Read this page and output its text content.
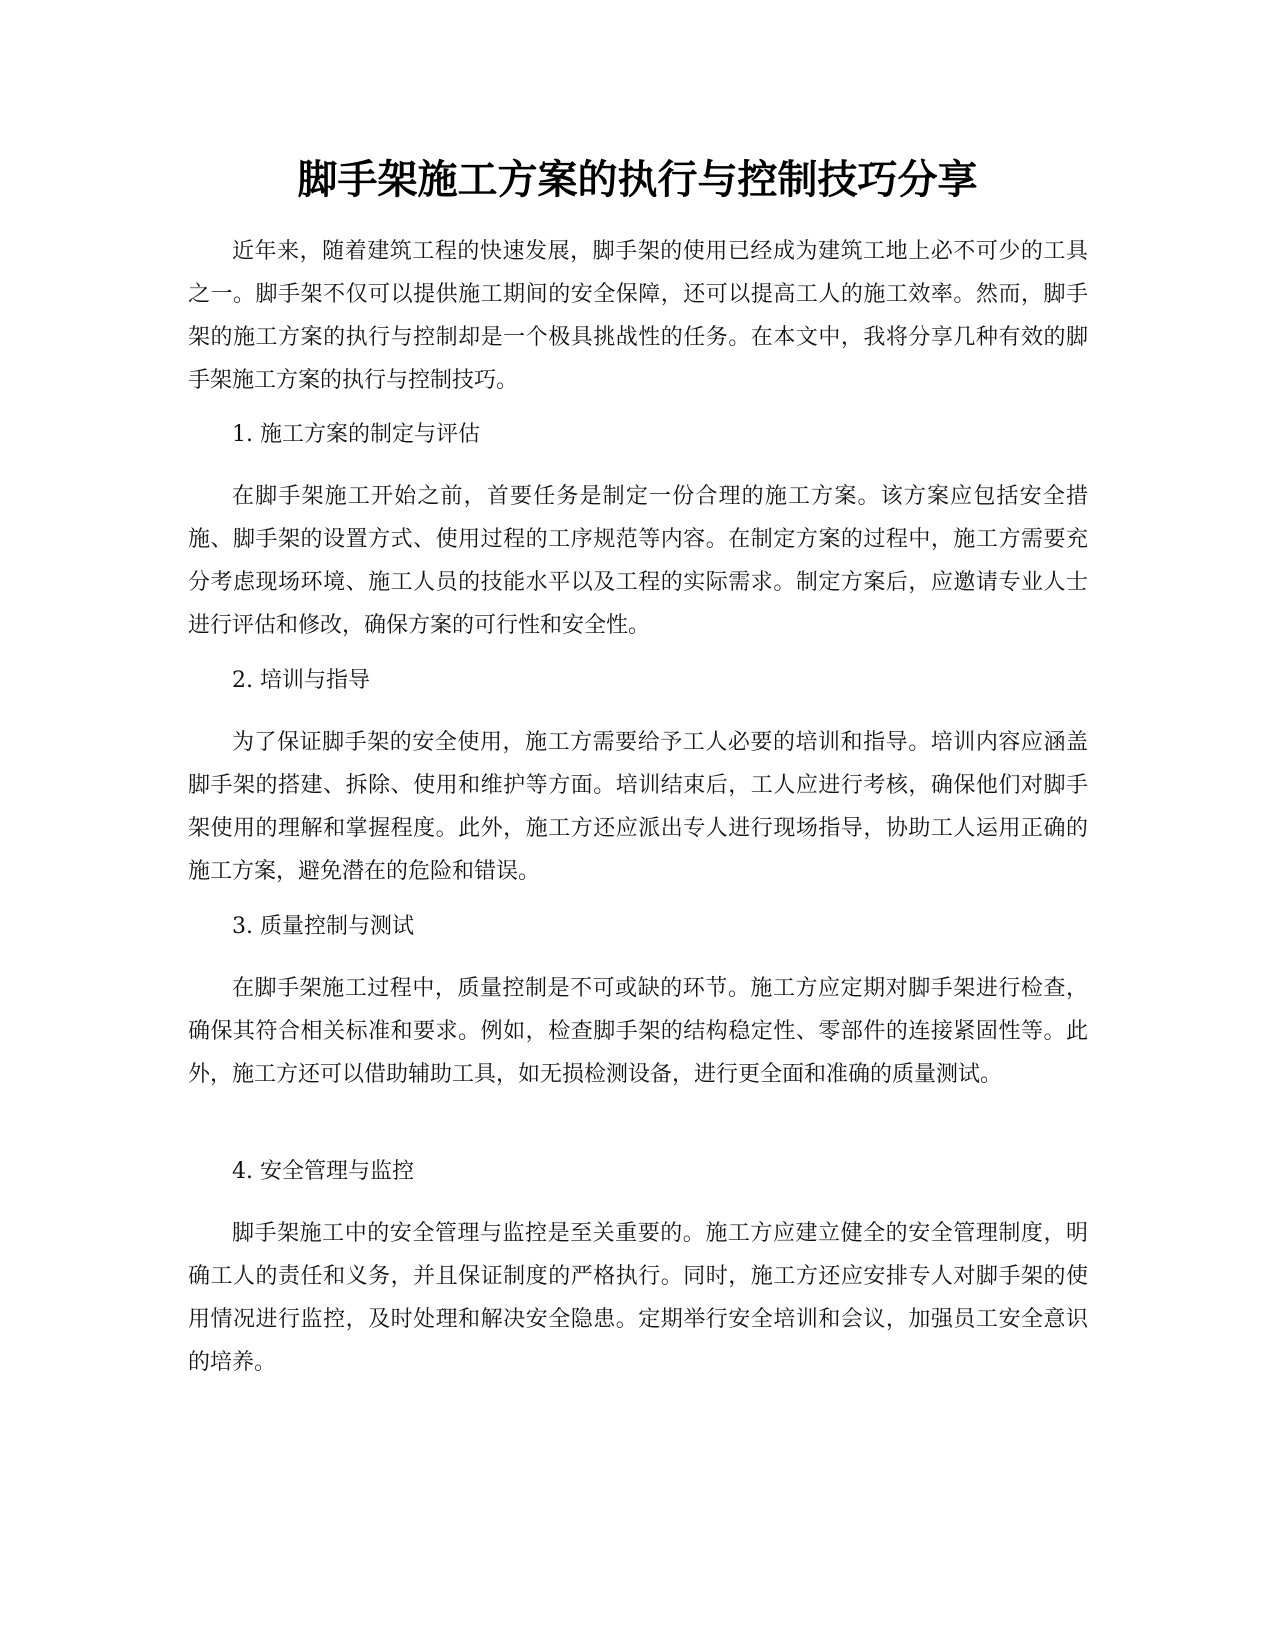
脚手架施工方案的执行与控制技巧分享

近年来，随着建筑工程的快速发展，脚手架的使用已经成为建筑工地上必不可少的工具之一。脚手架不仅可以提供施工期间的安全保障，还可以提高工人的施工效率。然而，脚手架的施工方案的执行与控制却是一个极具挑战性的任务。在本文中，我将分享几种有效的脚手架施工方案的执行与控制技巧。

1. 施工方案的制定与评估

在脚手架施工开始之前，首要任务是制定一份合理的施工方案。该方案应包括安全措施、脚手架的设置方式、使用过程的工序规范等内容。在制定方案的过程中，施工方需要充分考虑现场环境、施工人员的技能水平以及工程的实际需求。制定方案后，应邀请专业人士进行评估和修改，确保方案的可行性和安全性。

2. 培训与指导

为了保证脚手架的安全使用，施工方需要给予工人必要的培训和指导。培训内容应涵盖脚手架的搭建、拆除、使用和维护等方面。培训结束后，工人应进行考核，确保他们对脚手架使用的理解和掌握程度。此外，施工方还应派出专人进行现场指导，协助工人运用正确的施工方案，避免潜在的危险和错误。

3. 质量控制与测试

在脚手架施工过程中，质量控制是不可或缺的环节。施工方应定期对脚手架进行检查，确保其符合相关标准和要求。例如，检查脚手架的结构稳定性、零部件的连接紧固性等。此外，施工方还可以借助辅助工具，如无损检测设备，进行更全面和准确的质量测试。

4. 安全管理与监控

脚手架施工中的安全管理与监控是至关重要的。施工方应建立健全的安全管理制度，明确工人的责任和义务，并且保证制度的严格执行。同时，施工方还应安排专人对脚手架的使用情况进行监控，及时处理和解决安全隐患。定期举行安全培训和会议，加强员工安全意识的培养。
